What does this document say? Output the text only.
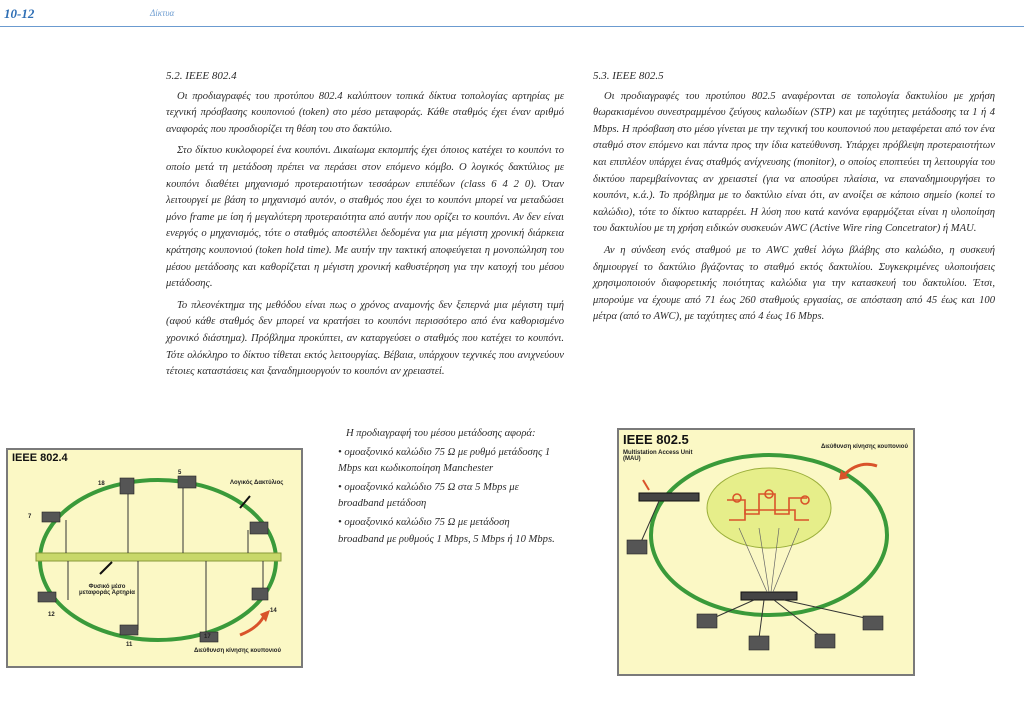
10-12	Δίκτυα
5.2. IEEE 802.4

Οι προδιαγραφές του προτύπου 802.4 καλύπτουν τοπικά δίκτυα τοπολογίας αρτηρίας με τεχνική πρόσβασης κουπονιού (token) στο μέσο μεταφοράς. Κάθε σταθμός έχει έναν αριθμό αναφοράς που προσδιορίζει τη θέση του στο δακτύλιο.

Στο δίκτυο κυκλοφορεί ένα κουπόνι. Δικαίωμα εκπομπής έχει όποιος κατέχει το κουπόνι το οποίο μετά τη μετάδοση πρέπει να περάσει στον επόμενο κόμβο. Ο λογικός δακτύλιος με κουπόνι διαθέτει μηχανισμό προτεραιοτήτων τεσσάρων επιπέδων (class 6 4 2 0). Όταν λειτουργεί με βάση το μηχανισμό αυτόν, ο σταθμός που έχει το κουπόνι μπορεί να μεταδώσει μόνο frame με ίση ή μεγαλύτερη προτεραιότητα από αυτήν που ορίζει το κουπόνι. Αν δεν είναι ενεργός ο μηχανισμός, τότε ο σταθμός αποστέλλει δεδομένα για μια μέγιστη χρονική διάρκεια κράτησης κουπονιού (token hold time). Με αυτήν την τακτική αποφεύγεται η μονοπώληση του μέσου μετάδοσης και καθορίζεται η μέγιστη χρονική καθυστέρηση για την κατοχή του μέσου μετάδοσης.

Το πλεονέκτημα της μεθόδου είναι πως ο χρόνος αναμονής δεν ξεπερνά μια μέγιστη τιμή (αφού κάθε σταθμός δεν μπορεί να κρατήσει το κουπόνι περισσότερο από ένα καθορισμένο χρονικό διάστημα). Πρόβλημα προκύπτει, αν καταργεύσει ο σταθμός που κατέχει το κουπόνι. Τότε ολόκληρο το δίκτυο τίθεται εκτός λειτουργίας. Βέβαια, υπάρχουν τεχνικές που ανιχνεύουν τέτοιες καταστάσεις και ξαναδημιουργούν το κουπόνι αν χρειαστεί.

5.3. IEEE 802.5

Οι προδιαγραφές του προτύπου 802.5 αναφέρονται σε τοπολογία δακτυλίου με χρήση θωρακισμένου συνεστραμμένου ζεύγους καλωδίων (STP) και με ταχύτητες μετάδοσης τα 1 ή 4 Mbps. Η πρόσβαση στο μέσο γίνεται με την τεχνική του κουπονιού που μεταφέρεται από τον ένα σταθμό στον επόμενο και πάντα προς την ίδια κατεύθυνση. Υπάρχει πρόβλεψη προτεραιοτήτων και επιπλέον υπάρχει ένας σταθμός ανίχνευσης (monitor), ο οποίος εποπτεύει τη λειτουργία του δικτύου παρεμβαίνοντας αν χρειαστεί (για να αποσύρει πλαίσια, να επαναδημιουργήσει το κουπόνι, κ.ά.). Το πρόβλημα με το δακτύλιο είναι ότι, αν ανοίξει σε κάποιο σημείο (κοπεί το καλώδιο), τότε το δίκτυο καταρρέει. Η λύση που κατά κανόνα εφαρμόζεται είναι η υλοποίηση του δακτυλίου με τη χρήση ειδικών συσκευών AWC (Active Wire ring Concetrator) ή MAU.

Αν η σύνδεση ενός σταθμού με το AWC χαθεί λόγω βλάβης στο καλώδιο, η συσκευή δημιουργεί το δακτύλιο βγάζοντας το σταθμό εκτός δακτυλίου. Συγκεκριμένες υλοποιήσεις χρησιμοποιούν διαφορετικής ποιότητας καλώδια για την κατασκευή του δακτυλίου. Έτσι, μπορούμε να έχουμε από 71 έως 260 σταθμούς εργασίας, σε απόσταση από 45 έως και 100 μέτρα (από το AWC), με ταχύτητες από 4 έως 16 Mbps.

Η προδιαγραφή του μέσου μετάδοσης αφορά:
• ομοαξονικό καλώδιο 75 Ω με ρυθμό μετάδοσης 1 Mbps και κωδικοποίηση Manchester
• ομοαξονικό καλώδιο 75 Ω στα 5 Mbps με broadband μετάδοση
• ομοαξονικό καλώδιο 75 Ω με μετάδοση broadband με ρυθμούς 1 Mbps, 5 Mbps ή 10 Mbps.
IEEE 802.4
Λογικός Δακτύλιος
Φυσικό μέσο μεταφοράς Αρτηρία
Διεύθυνση κίνησης κουπονιού
18
5
7
12
11
17
14
IEEE 802.5
Multistation Access Unit (MAU)
Διεύθυνση κίνησης κουπονιού
